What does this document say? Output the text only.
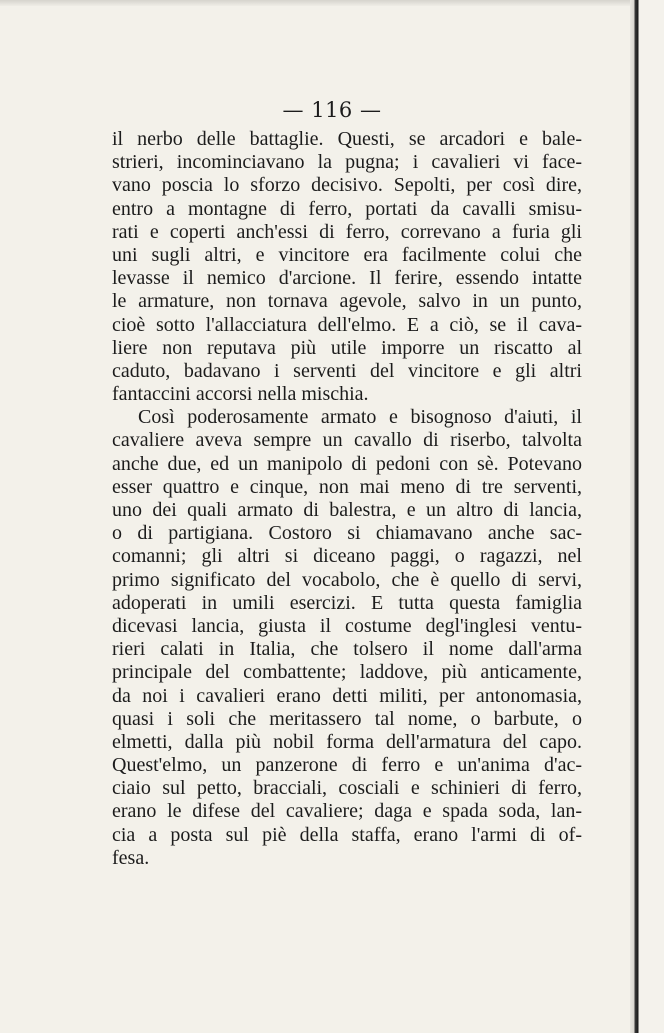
— 116 —
il nerbo delle battaglie. Questi, se arcadori e bale-
strieri, incominciavano la pugna; i cavalieri vi face-
vano poscia lo sforzo decisivo. Sepolti, per così dire,
entro a montagne di ferro, portati da cavalli smisu-
rati e coperti anch'essi di ferro, correvano a furia gli
uni sugli altri, e vincitore era facilmente colui che
levasse il nemico d'arcione. Il ferire, essendo intatte
le armature, non tornava agevole, salvo in un punto,
cioè sotto l'allacciatura dell'elmo. E a ciò, se il cava-
liere non reputava più utile imporre un riscatto al
caduto, badavano i serventi del vincitore e gli altri
fantaccini accorsi nella mischia.
Così poderosamente armato e bisognoso d'aiuti, il
cavaliere aveva sempre un cavallo di riserbo, talvolta
anche due, ed un manipolo di pedoni con sè. Potevano
esser quattro e cinque, non mai meno di tre serventi,
uno dei quali armato di balestra, e un altro di lancia,
o di partigiana. Costoro si chiamavano anche sac-
comanni; gli altri si diceano paggi, o ragazzi, nel
primo significato del vocabolo, che è quello di servi,
adoperati in umili esercizi. E tutta questa famiglia
dicevasi lancia, giusta il costume degl'inglesi ventu-
rieri calati in Italia, che tolsero il nome dall'arma
principale del combattente; laddove, più anticamente,
da noi i cavalieri erano detti militi, per antonomasia,
quasi i soli che meritassero tal nome, o barbute, o
elmetti, dalla più nobil forma dell'armatura del capo.
Quest'elmo, un panzerone di ferro e un'anima d'ac-
ciaio sul petto, bracciali, cosciali e schinieri di ferro,
erano le difese del cavaliere; daga e spada soda, lan-
cia a posta sul piè della staffa, erano l'armi di of-
fesa.
